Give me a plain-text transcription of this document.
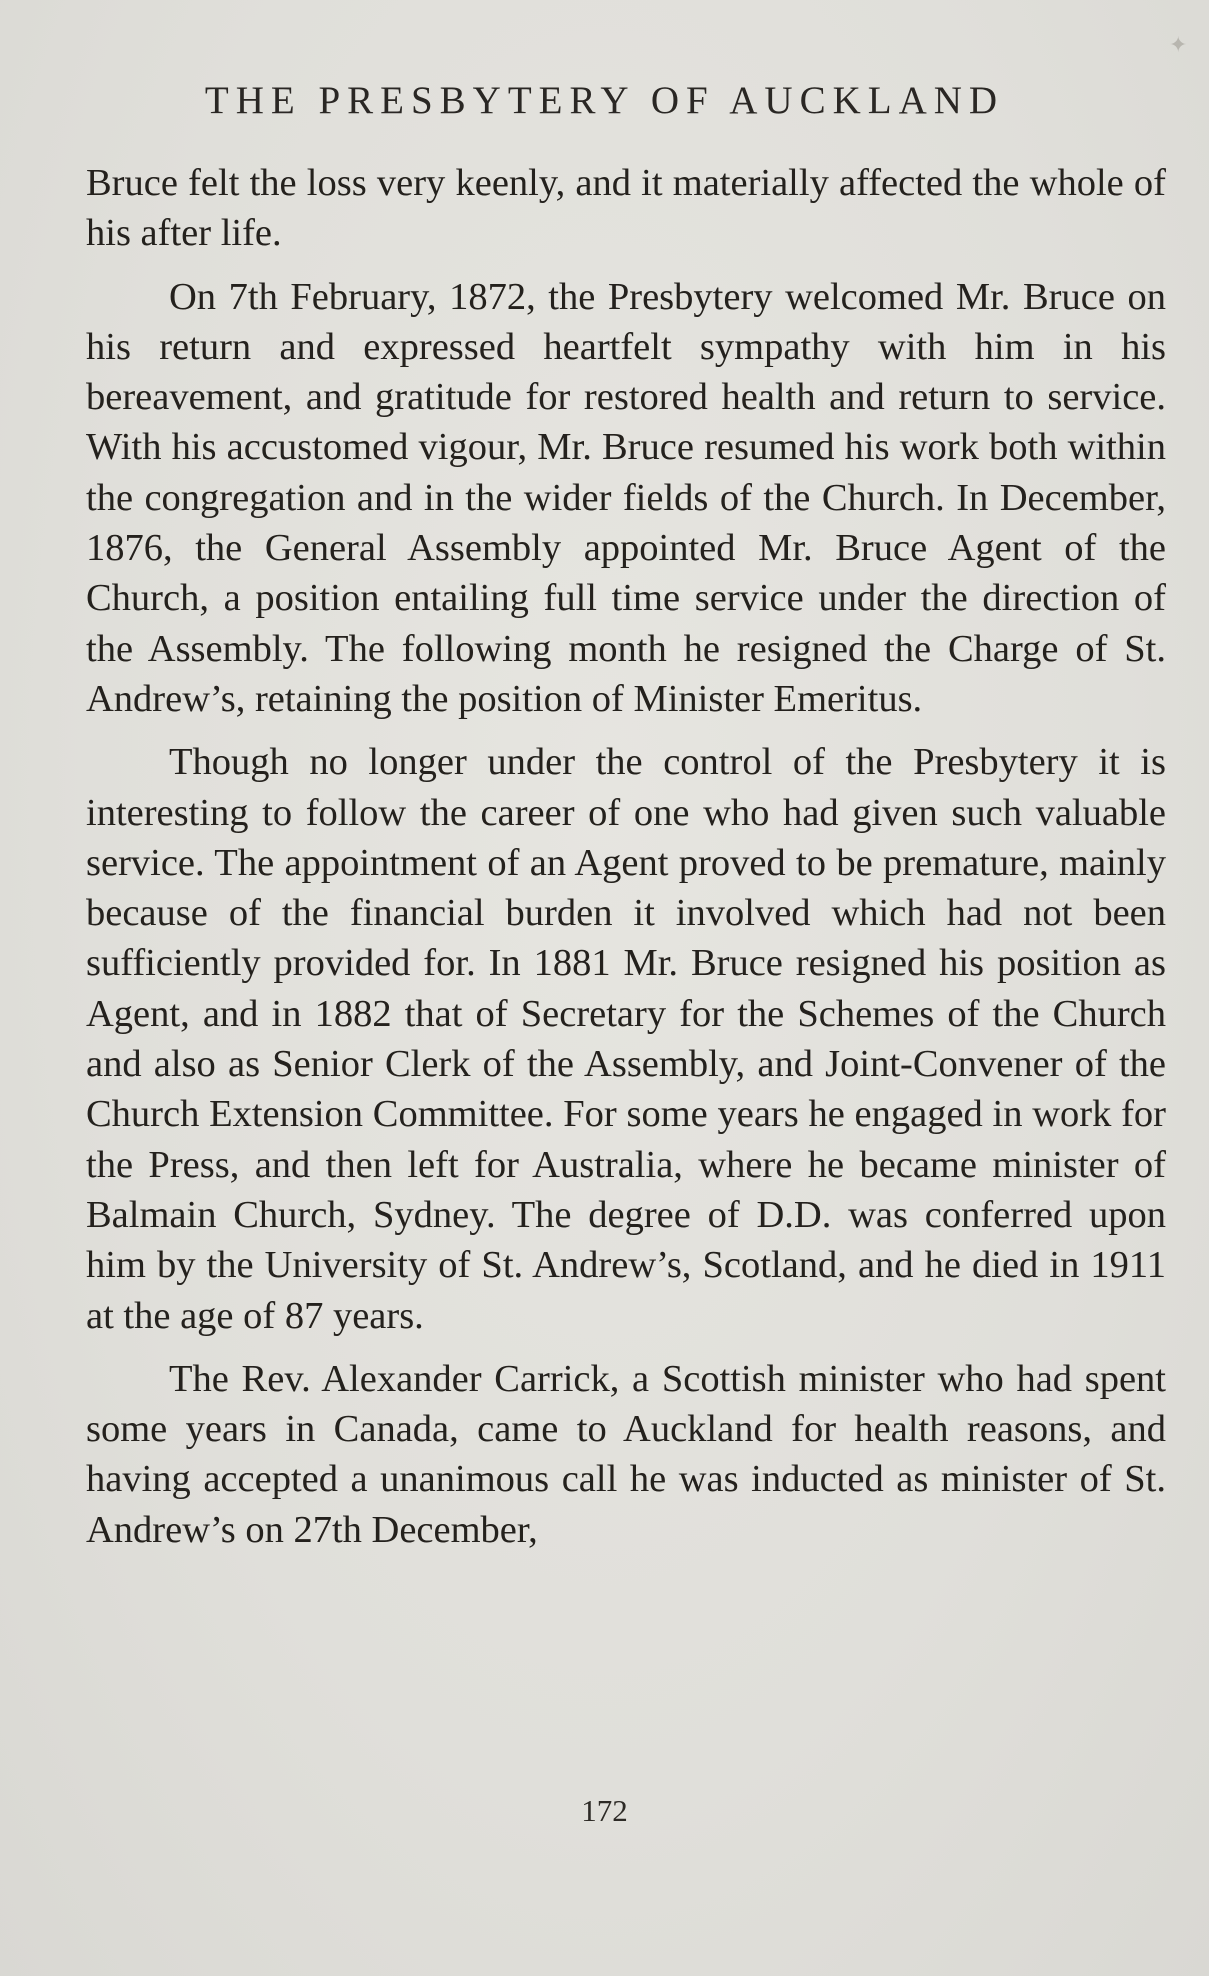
✦
THE PRESBYTERY OF AUCKLAND

Bruce felt the loss very keenly, and it materially affected the whole of his after life.

On 7th February, 1872, the Presbytery welcomed Mr. Bruce on his return and expressed heartfelt sympathy with him in his bereavement, and gratitude for restored health and return to service. With his accustomed vigour, Mr. Bruce resumed his work both within the congregation and in the wider fields of the Church. In December, 1876, the General Assembly appointed Mr. Bruce Agent of the Church, a position entailing full time service under the direction of the Assembly. The following month he resigned the Charge of St. Andrew’s, retaining the position of Minister Emeritus.

Though no longer under the control of the Presbytery it is interesting to follow the career of one who had given such valuable service. The appointment of an Agent proved to be premature, mainly because of the financial burden it involved which had not been sufficiently provided for. In 1881 Mr. Bruce resigned his position as Agent, and in 1882 that of Secretary for the Schemes of the Church and also as Senior Clerk of the Assembly, and Joint-Convener of the Church Extension Committee. For some years he engaged in work for the Press, and then left for Australia, where he became minister of Balmain Church, Sydney. The degree of D.D. was conferred upon him by the University of St. Andrew’s, Scotland, and he died in 1911 at the age of 87 years.

The Rev. Alexander Carrick, a Scottish minister who had spent some years in Canada, came to Auckland for health reasons, and having accepted a unanimous call he was inducted as minister of St. Andrew’s on 27th December,

172
